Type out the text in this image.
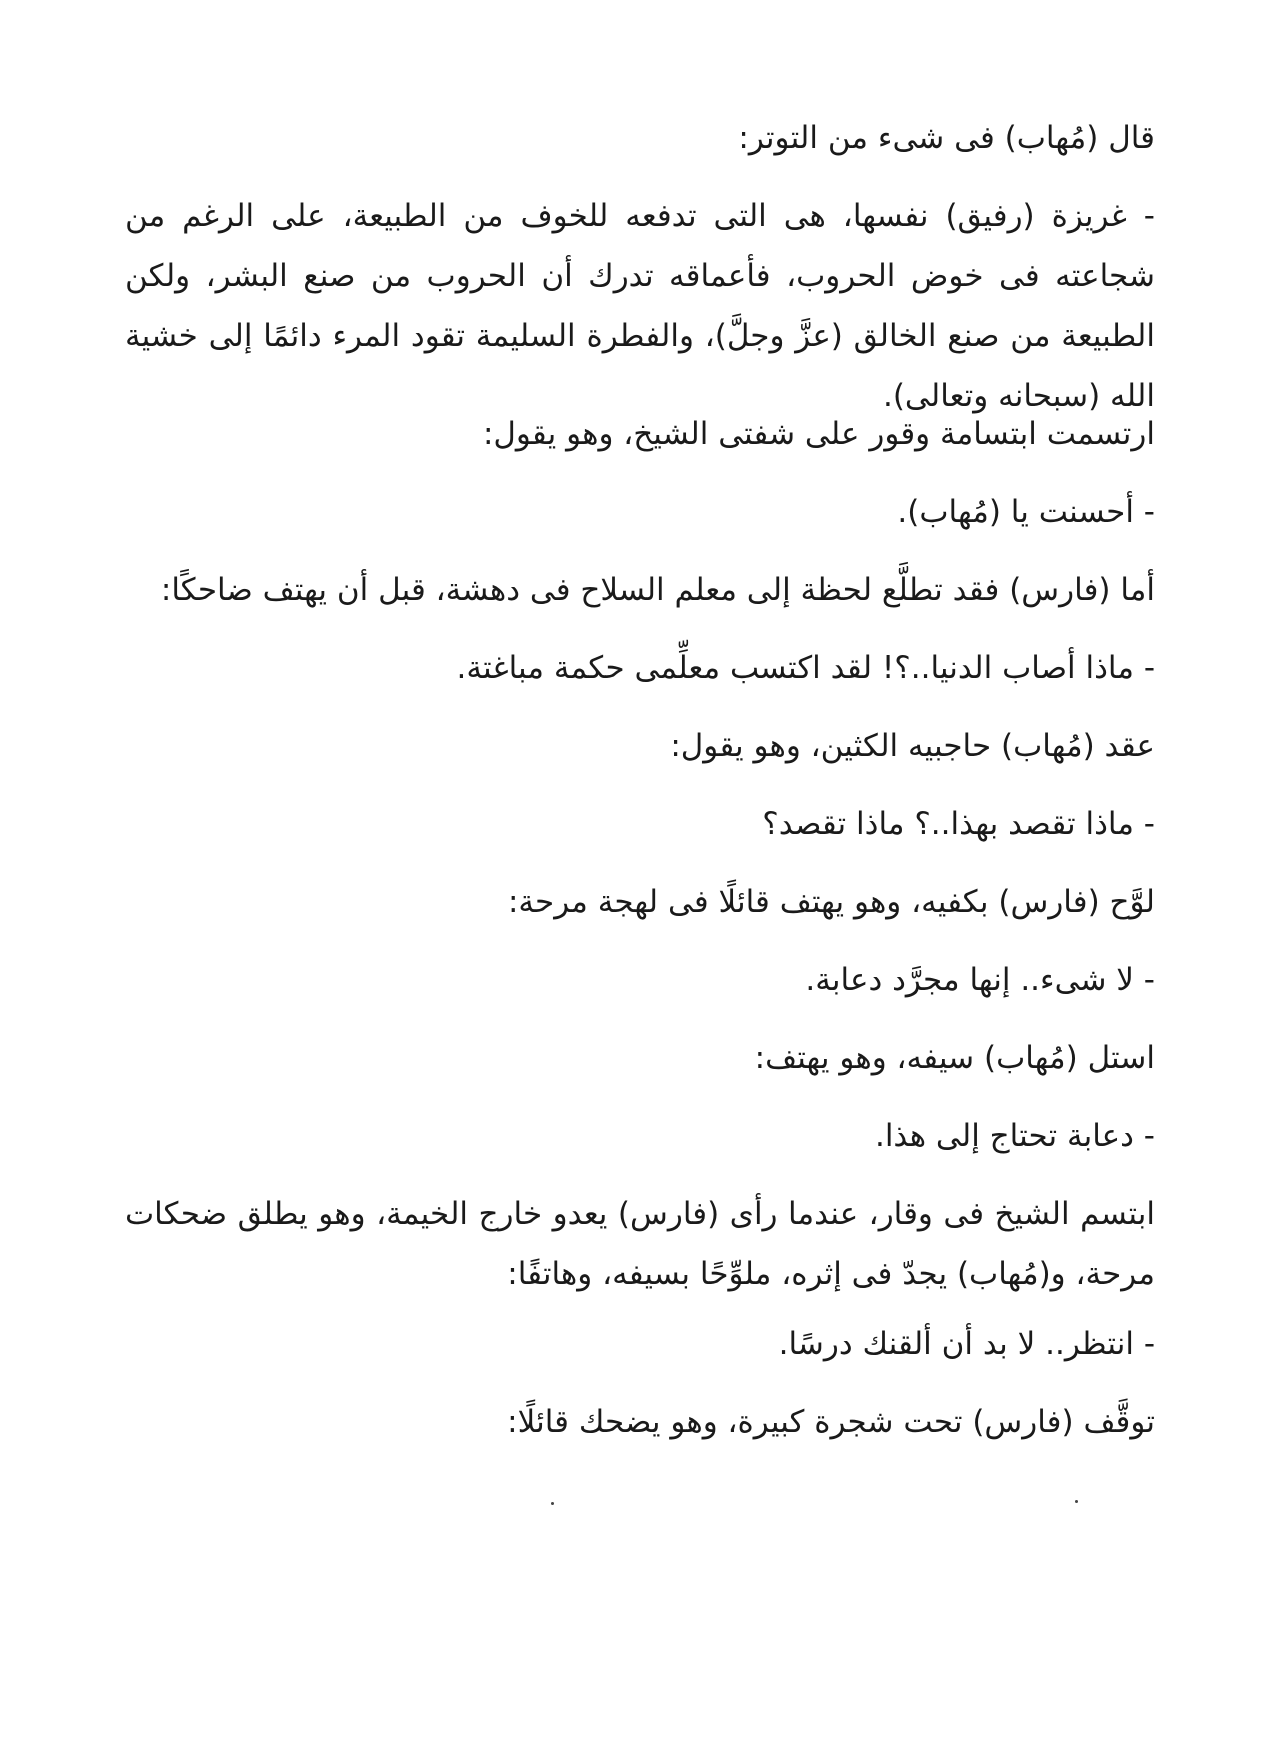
قال (مُهاب) فى شىء من التوتر:

- غريزة (رفيق) نفسها، هى التى تدفعه للخوف من الطبيعة، على الرغم من شجاعته فى خوض الحروب، فأعماقه تدرك أن الحروب من صنع البشر، ولكن الطبيعة من صنع الخالق (عزَّ وجلَّ)، والفطرة السليمة تقود المرء دائمًا إلى خشية الله (سبحانه وتعالى).

ارتسمت ابتسامة وقور على شفتى الشيخ، وهو يقول:

- أحسنت يا (مُهاب).

أما (فارس) فقد تطلَّع لحظة إلى معلم السلاح فى دهشة، قبل أن يهتف ضاحكًا:

- ماذا أصاب الدنيا..؟! لقد اكتسب معلِّمى حكمة مباغتة.

عقد (مُهاب) حاجبيه الكثين، وهو يقول:

- ماذا تقصد بهذا..؟ ماذا تقصد؟

لوَّح (فارس) بكفيه، وهو يهتف قائلًا فى لهجة مرحة:

- لا شىء.. إنها مجرَّد دعابة.

استل (مُهاب) سيفه، وهو يهتف:

- دعابة تحتاج إلى هذا.

ابتسم الشيخ فى وقار، عندما رأى (فارس) يعدو خارج الخيمة، وهو يطلق ضحكات مرحة، و(مُهاب) يجدّ فى إثره، ملوِّحًا بسيفه، وهاتفًا:

- انتظر.. لا بد أن ألقنك درسًا.

توقَّف (فارس) تحت شجرة كبيرة، وهو يضحك قائلًا:
